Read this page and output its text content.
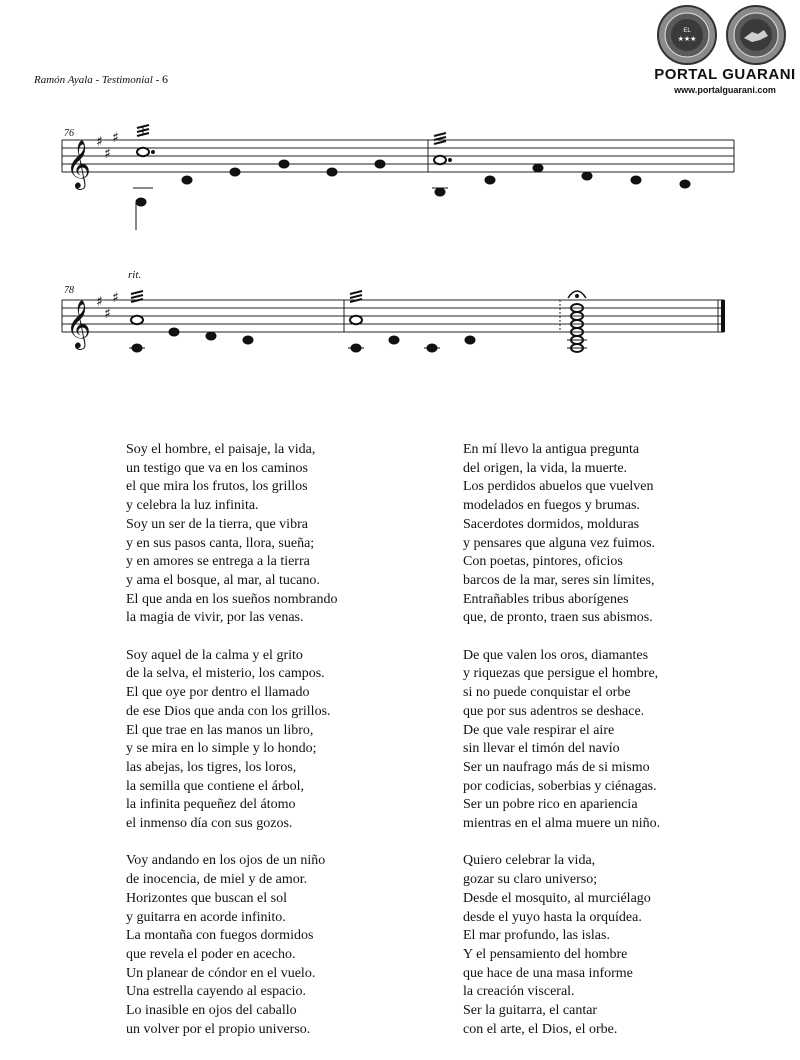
Ramón Ayala - Testimonial - 6
EL
★★★
PORTAL GUARANI
www.portalguarani.com
76
78
rit.
𝄞
𝄞
♯
♯
♯
♯
♯
♯
Soy el hombre, el paisaje, la vida,
un testigo que va en los caminos
el que mira los frutos, los grillos
y celebra la luz infinita.
Soy un ser de la tierra, que vibra
y en sus pasos canta, llora, sueña;
y en amores se entrega a la tierra
y ama el bosque, al mar, al tucano.
El que anda en los sueños nombrando
la magia de vivir, por las venas.
Soy aquel de la calma y el grito
de la selva, el misterio, los campos.
El que oye por dentro el llamado
de ese Dios que anda con los grillos.
El que trae en las manos un libro,
y se mira en lo simple y lo hondo;
las abejas, los tigres, los loros,
la semilla que contiene el árbol,
la infinita pequeñez del átomo
el inmenso día con sus gozos.
Voy andando en los ojos de un niño
de inocencia, de miel y de amor.
Horizontes que buscan el sol
y guitarra en acorde infinito.
La montaña con fuegos dormidos
que revela el poder en acecho.
Un planear de cóndor en el vuelo.
Una estrella cayendo al espacio.
Lo inasible en ojos del caballo
un volver por el propio universo.
En mí llevo la antigua pregunta
del origen, la vida, la muerte.
Los perdidos abuelos que vuelven
modelados en fuegos y brumas.
Sacerdotes dormidos, molduras
y pensares que alguna vez fuimos.
Con poetas, pintores, oficios
barcos de la mar, seres sin límites,
Entrañables tribus aborígenes
que, de pronto, traen sus abismos.
De que valen los oros, diamantes
y riquezas que persigue el hombre,
si no puede conquistar el orbe
que por sus adentros se deshace.
De que vale respirar el aire
sin llevar el timón del navío
Ser un naufrago más de si mismo
por codicias, soberbias y ciénagas.
Ser un pobre rico en apariencia
mientras en el alma muere un niño.
Quiero celebrar la vida,
gozar su claro universo;
Desde el mosquito, al murciélago
desde el yuyo hasta la orquídea.
El mar profundo, las islas.
Y el pensamiento del hombre
que hace de una masa informe
la creación visceral.
Ser la guitarra, el cantar
con el arte, el Dios, el orbe.
